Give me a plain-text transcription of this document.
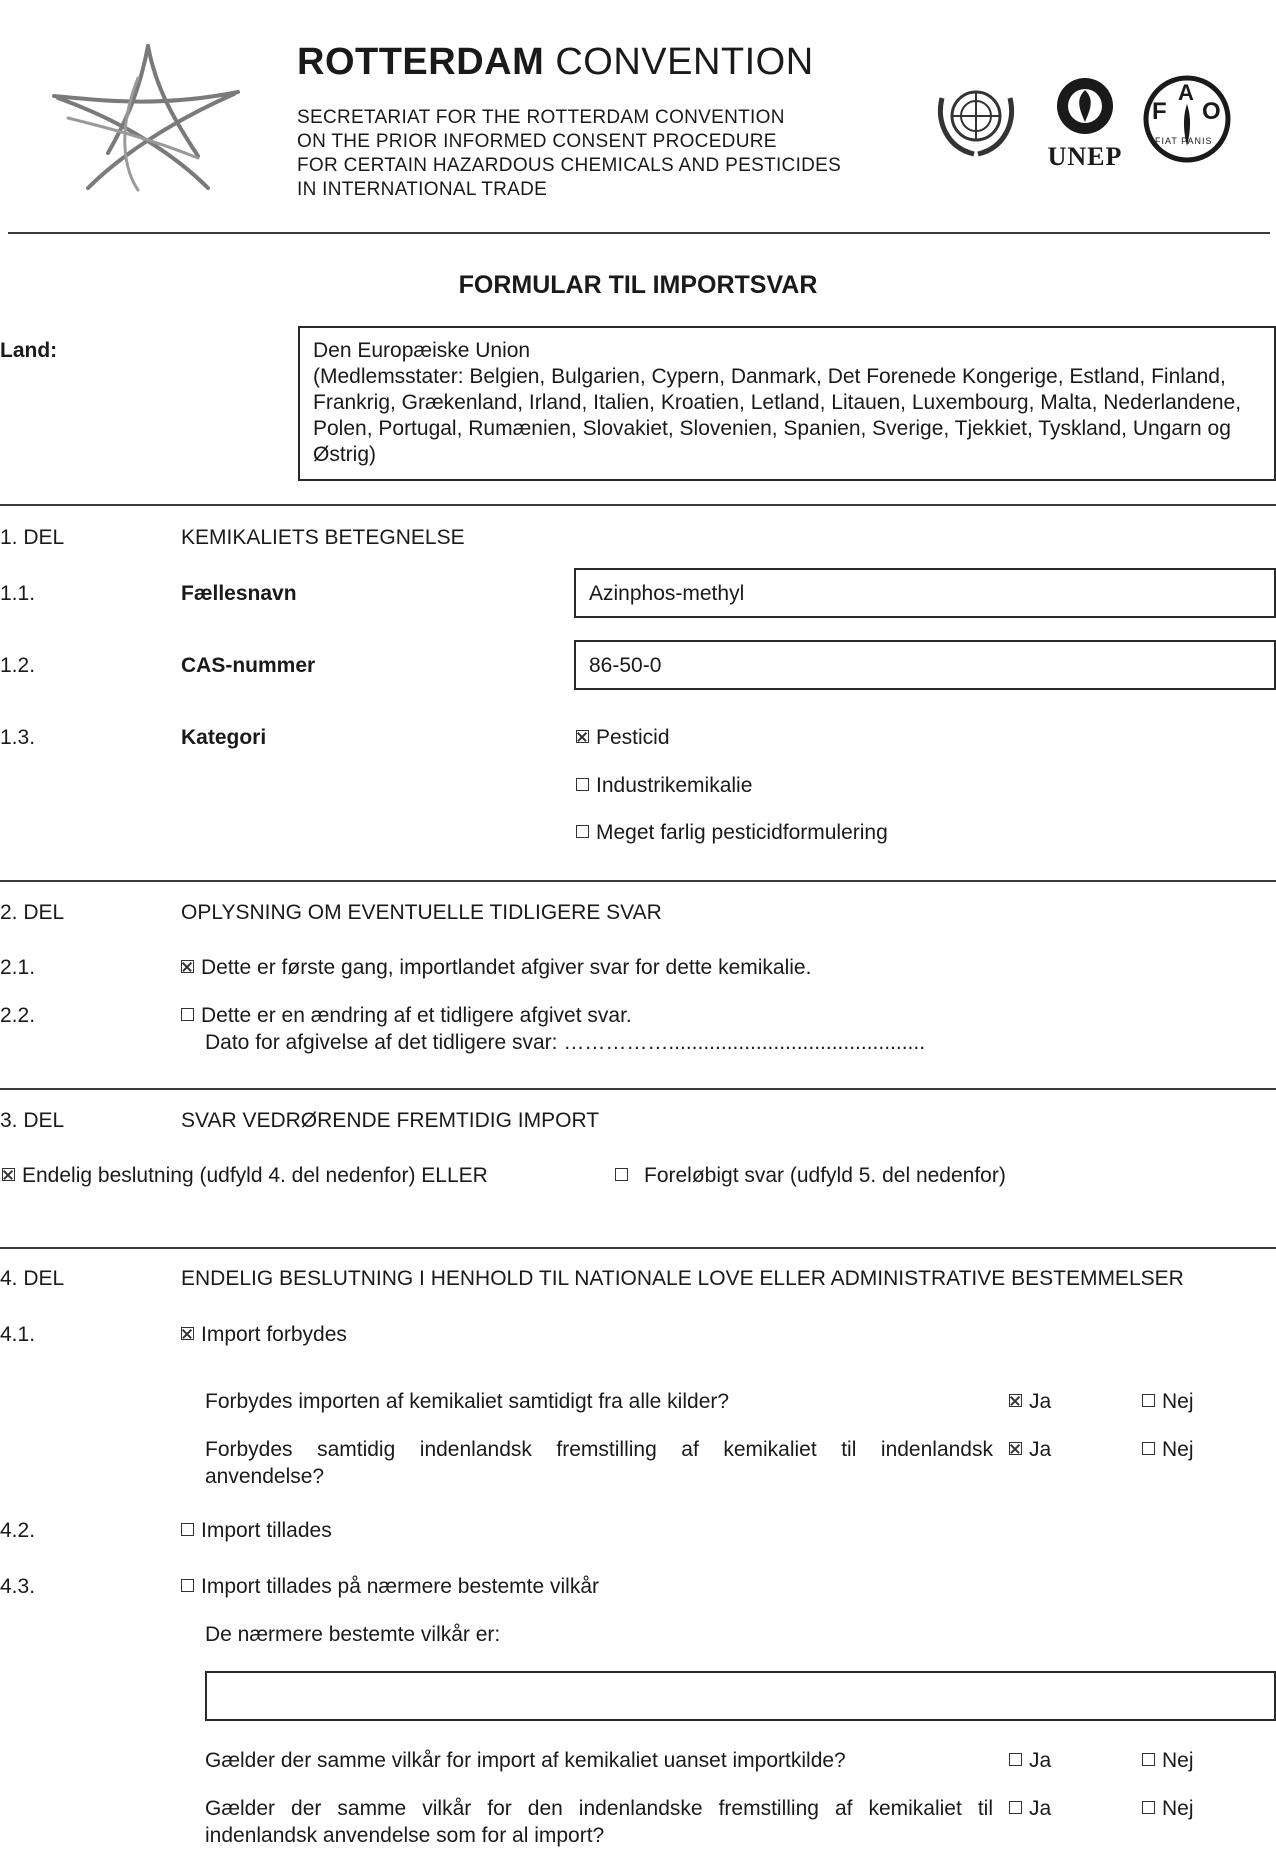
ROTTERDAM CONVENTION
SECRETARIAT FOR THE ROTTERDAM CONVENTION
ON THE PRIOR INFORMED CONSENT PROCEDURE
FOR CERTAIN HAZARDOUS CHEMICALS AND PESTICIDES
IN INTERNATIONAL TRADE
UNEP
F
A
O
FIAT PANIS
FORMULAR TIL IMPORTSVAR
Land:	Den Europæiske Union
(Medlemsstater: Belgien, Bulgarien, Cypern, Danmark, Det Forenede Kongerige, Estland, Finland,
Frankrig, Grækenland, Irland, Italien, Kroatien, Letland, Litauen, Luxembourg, Malta, Nederlandene,
Polen, Portugal, Rumænien, Slovakiet, Slovenien, Spanien, Sverige, Tjekkiet, Tyskland, Ungarn og
Østrig)
1. DEL	KEMIKALIETS BETEGNELSE
1.1.	Fællesnavn	Azinphos-methyl
1.2.	CAS-nummer	86-50-0
1.3.	Kategori	Pesticid
Industrikemikalie
Meget farlig pesticidformulering
2. DEL	OPLYSNING OM EVENTUELLE TIDLIGERE SVAR
2.1.	Dette er første gang, importlandet afgiver svar for dette kemikalie.
2.2.	Dette er en ændring af et tidligere afgivet svar.
Dato for afgivelse af det tidligere svar: ……………............................................
3. DEL	SVAR VEDRØRENDE FREMTIDIG IMPORT
Endelig beslutning (udfyld 4. del nedenfor) ELLER	Foreløbigt svar (udfyld 5. del nedenfor)
4. DEL	ENDELIG BESLUTNING I HENHOLD TIL NATIONALE LOVE ELLER ADMINISTRATIVE BESTEMMELSER
4.1.	Import forbydes
Forbydes importen af kemikaliet samtidigt fra alle kilder?	Ja	Nej
Forbydes samtidig indenlandsk fremstilling af kemikaliet til indenlandsk
anvendelse?
Ja	Nej
4.2.	Import tillades
4.3.	Import tillades på nærmere bestemte vilkår
De nærmere bestemte vilkår er:
Gælder der samme vilkår for import af kemikaliet uanset importkilde?	Ja	Nej
Gælder der samme vilkår for den indenlandske fremstilling af kemikaliet til
indenlandsk anvendelse som for al import?
Ja	Nej
